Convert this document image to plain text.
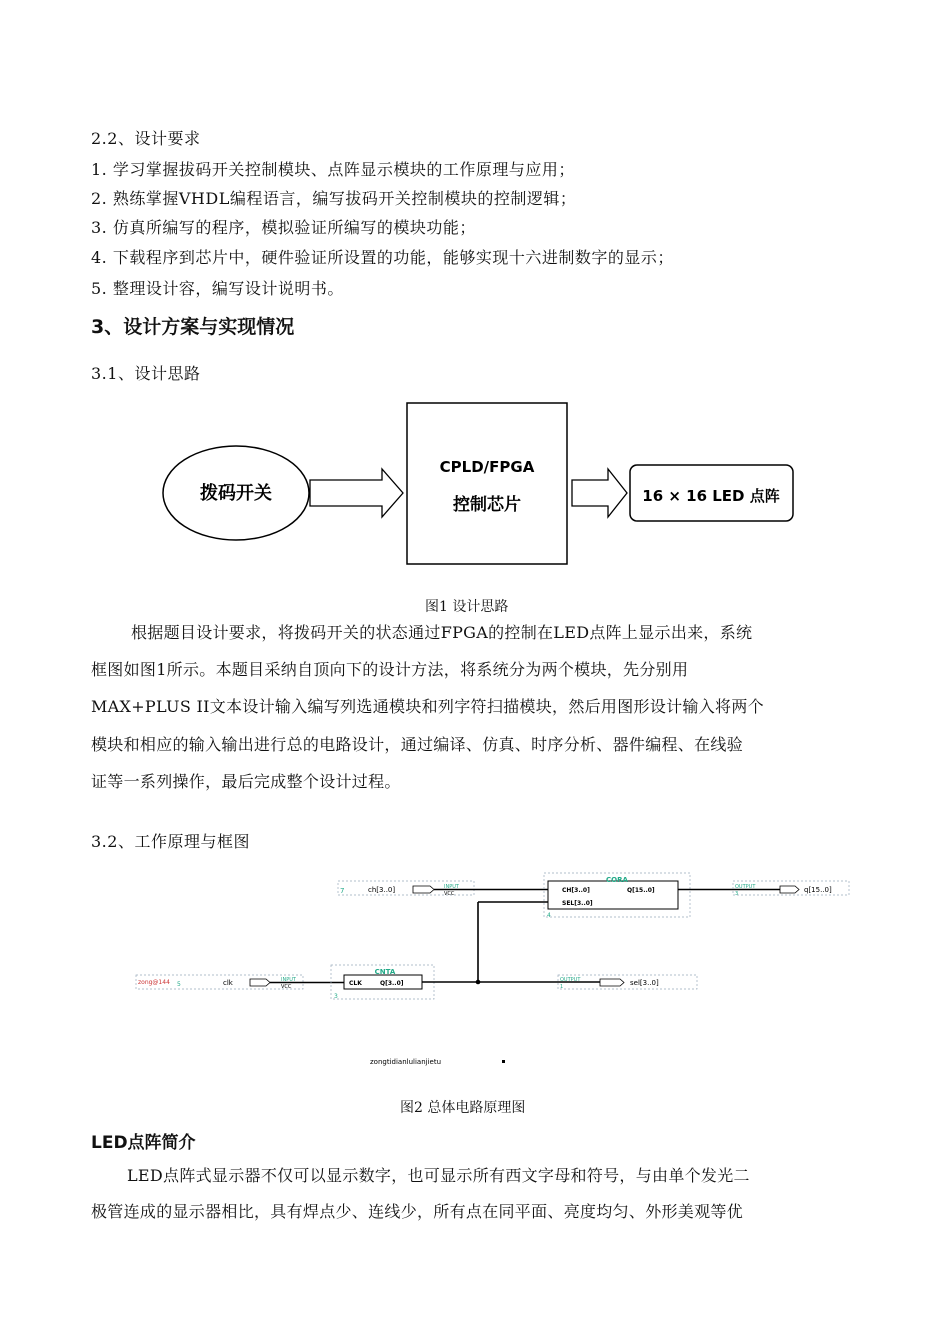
2.2、设计要求
1. 学习掌握拔码开关控制模块、点阵显示模块的工作原理与应用；
2. 熟练掌握VHDL编程语言，编写拔码开关控制模块的控制逻辑；
3. 仿真所编写的程序，模拟验证所编写的模块功能；
4. 下载程序到芯片中，硬件验证所设置的功能，能够实现十六进制数字的显示；
5. 整理设计容，编写设计说明书。
3、设计方案与实现情况
3.1、设计思路
拨码开关
CPLD/FPGA
控制芯片	16 × 16 LED 点阵
图1 设计思路
根据题目设计要求，将拨码开关的状态通过FPGA的控制在LED点阵上显示出来，系统
框图如图1所示。本题目采纳自顶向下的设计方法，将系统分为两个模块，先分别用
MAX+PLUS II文本设计输入编写列选通模块和列字符扫描模块，然后用图形设计输入将两个
模块和相应的输入输出进行总的电路设计，通过编译、仿真、时序分析、器件编程、在线验
证等一系列操作，最后完成整个设计过程。
3.2、工作原理与框图
7	ch[3..0]	INPUT
VCC
CORA
CH[3..0]	Q[15..0]
SEL[3..0]
4
OUTPUT
3	q[15..0]
zong@144 5	clk	INPUT
VCC
CNTA
CLK	Q[3..0]
3
OUTPUT
1	sel[3..0]
zongtidianlulianjietu
图2 总体电路原理图
LED点阵简介
LED点阵式显示器不仅可以显示数字，也可显示所有西文字母和符号，与由单个发光二
极管连成的显示器相比，具有焊点少、连线少，所有点在同平面、亮度均匀、外形美观等优
